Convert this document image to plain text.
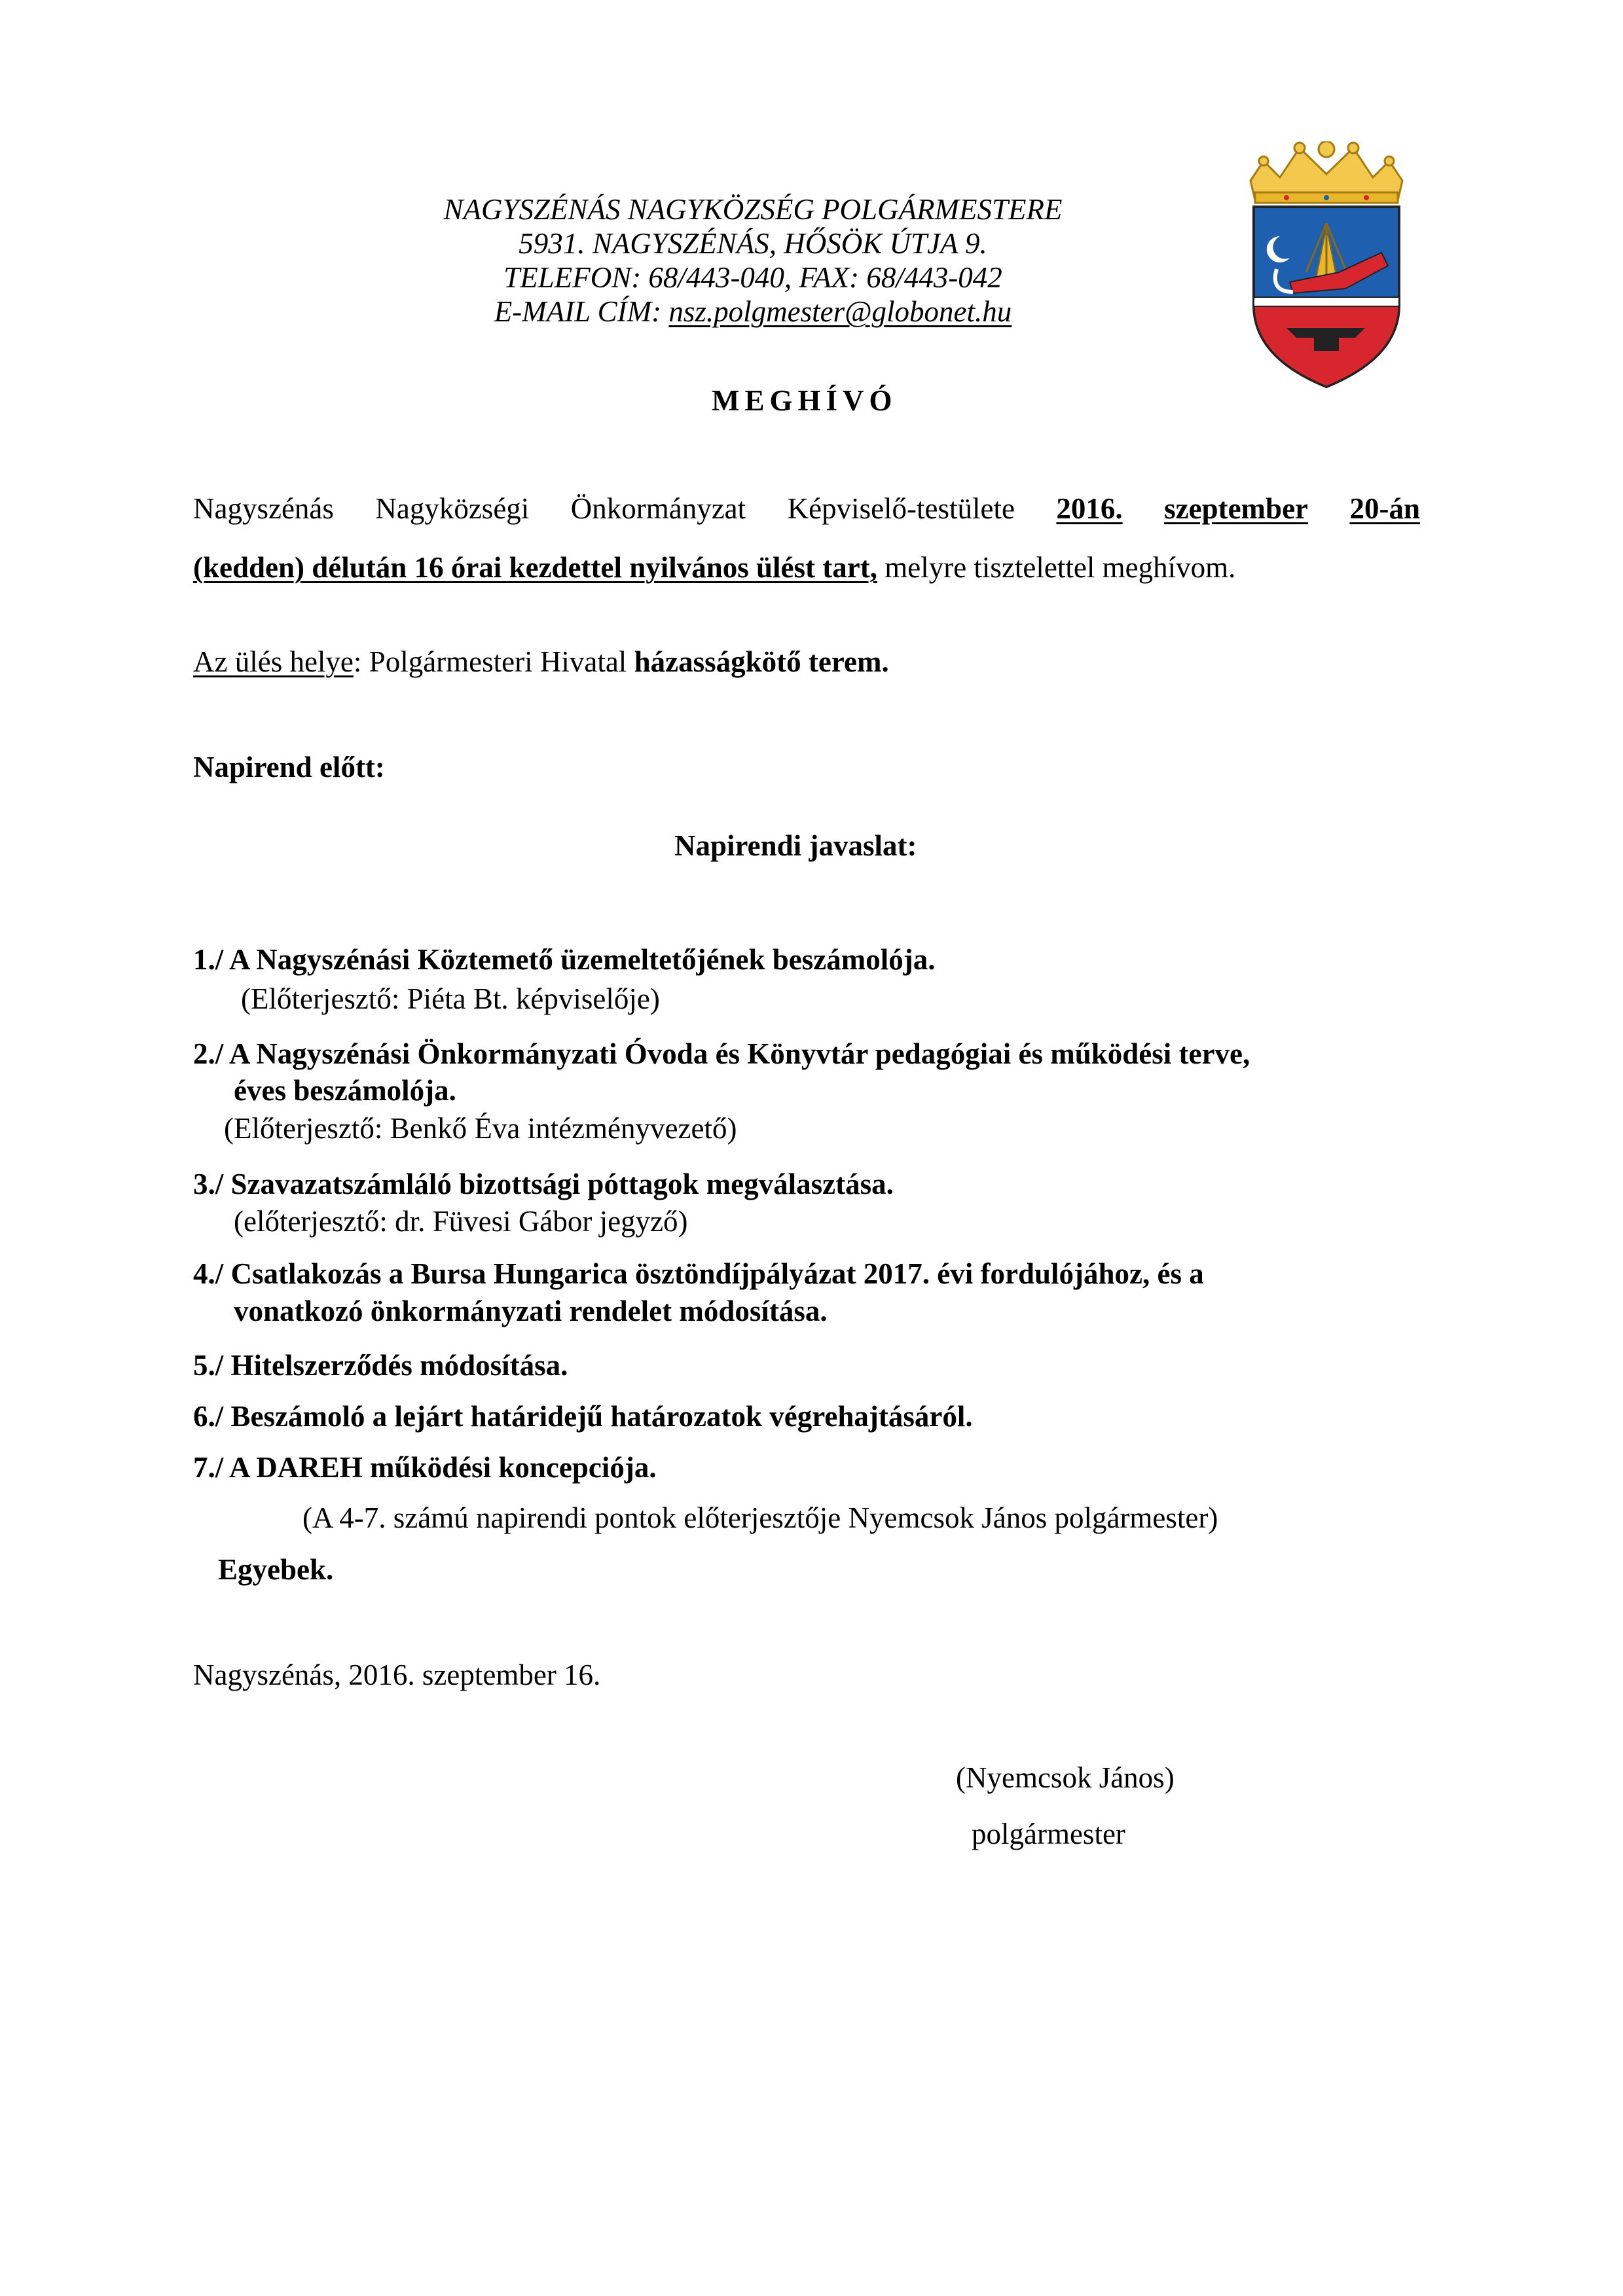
NAGYSZÉNÁS NAGYKÖZSÉG POLGÁRMESTERE
5931. NAGYSZÉNÁS, HŐSÖK ÚTJA 9.
TELEFON: 68/443-040, FAX: 68/443-042
E-MAIL CÍM: nsz.polgmester@globonet.hu
MEGHÍVÓ
Nagyszénás Nagyközségi Önkormányzat Képviselő-testülete 2016. szeptember 20-án
(kedden) délután 16 órai kezdettel nyilvános ülést tart, melyre tisztelettel meghívom.
Az ülés helye: Polgármesteri Hivatal házasságkötő terem.
Napirend előtt:
Napirendi javaslat:
1./ A Nagyszénási Köztemető üzemeltetőjének beszámolója.
(Előterjesztő: Piéta Bt. képviselője)
2./ A Nagyszénási Önkormányzati Óvoda és Könyvtár pedagógiai és működési terve,
éves beszámolója.
(Előterjesztő: Benkő Éva intézményvezető)
3./ Szavazatszámláló bizottsági póttagok megválasztása.
(előterjesztő: dr. Füvesi Gábor jegyző)
4./ Csatlakozás a Bursa Hungarica ösztöndíjpályázat 2017. évi fordulójához, és a
vonatkozó önkormányzati rendelet módosítása.
5./ Hitelszerződés módosítása.
6./ Beszámoló a lejárt határidejű határozatok végrehajtásáról.
7./ A DAREH működési koncepciója.
(A 4-7. számú napirendi pontok előterjesztője Nyemcsok János polgármester)
Egyebek.
Nagyszénás, 2016. szeptember 16.
(Nyemcsok János)
polgármester
